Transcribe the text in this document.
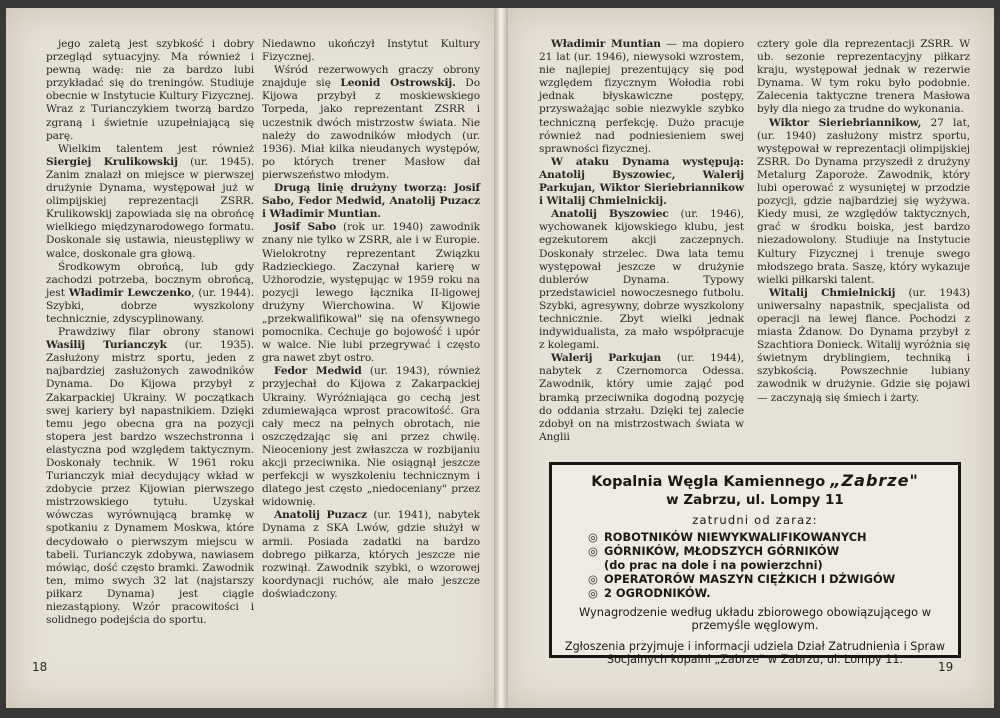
jego zaletą jest szybkość i dobry przegląd sytuacyjny. Ma również i pewną wadę: nie za bardzo lubi przykładać się do treningów. Studiuje obecnie w Instytucie Kultury Fizycznej. Wraz z Turianczykiem tworzą bardzo zgraną i świetnie uzupełniającą się parę.

Wielkim talentem jest również Siergiej Krulikowskij (ur. 1945). Zanim znalazł on miejsce w pierwszej drużynie Dynama, występował już w olimpijskiej reprezentacji ZSRR. Krulikowskij zapowiada się na obrońcę wielkiego międzynarodowego formatu. Doskonale się ustawia, nieustępliwy w walce, doskonale gra głową.

Środkowym obrońcą, lub gdy zachodzi potrzeba, bocznym obrońcą, jest Władimir Lewczenko, (ur. 1944). Szybki, dobrze wyszkolony technicznie, zdyscyplinowany.

Prawdziwy filar obrony stanowi Wasilij Turianczyk (ur. 1935). Zasłużony mistrz sportu, jeden z najbardziej zasłużonych zawodników Dynama. Do Kijowa przybył z Zakarpackiej Ukrainy. W początkach swej kariery był napastnikiem. Dzięki temu jego obecna gra na pozycji stopera jest bardzo wszechstronna i elastyczna pod względem taktycznym. Doskonały technik. W 1961 roku Turianczyk miał decydujący wkład w zdobycie przez Kijowian pierwszego mistrzowskiego tytułu. Uzyskał wówczas wyrównującą bramkę w spotkaniu z Dynamem Moskwa, które decydowało o pierwszym miejscu w tabeli. Turianczyk zdobywa, nawiasem mówiąc, dość często bramki. Zawodnik ten, mimo swych 32 lat (najstarszy piłkarz Dynama) jest ciągle niezastąpiony. Wzór pracowitości i solidnego podejścia do sportu.

Niedawno ukończył Instytut Kultury Fizycznej.

Wśród rezerwowych graczy obrony znajduje się Leonid Ostrowskij. Do Kijowa przybył z moskiewskiego Torpeda, jako reprezentant ZSRR i uczestnik dwóch mistrzostw świata. Nie należy do zawodników młodych (ur. 1936). Miał kilka nieudanych występów, po których trener Masłow dał pierwszeństwo młodym.

Drugą linię drużyny tworzą: Josif Sabo, Fedor Medwid, Anatolij Puzacz i Władimir Muntian.

Josif Sabo (rok ur. 1940) zawodnik znany nie tylko w ZSRR, ale i w Europie. Wielokrotny reprezentant Związku Radzieckiego. Zaczynał karierę w Użhorodzie, występując w 1959 roku na pozycji lewego łącznika II-ligowej drużyny Wierchowina. W Kijowie „przekwalifikował" się na ofensywnego pomocnika. Cechuje go bojowość i upór w walce. Nie lubi przegrywać i często gra nawet zbyt ostro.

Fedor Medwid (ur. 1943), również przyjechał do Kijowa z Zakarpackiej Ukrainy. Wyróżniająca go cechą jest zdumiewająca wprost pracowitość. Gra cały mecz na pełnych obrotach, nie oszczędzając się ani przez chwilę. Nieoceniony jest zwłaszcza w rozbijaniu akcji przeciwnika. Nie osiągnął jeszcze perfekcji w wyszkoleniu technicznym i dlatego jest często „niedoceniany" przez widownię.

Anatolij Puzacz (ur. 1941), nabytek Dynama z SKA Lwów, gdzie służył w armii. Posiada zadatki na bardzo dobrego piłkarza, których jeszcze nie rozwinął. Zawodnik szybki, o wzorowej koordynacji ruchów, ale mało jeszcze doświadczony.

Władimir Muntian — ma dopiero 21 lat (ur. 1946), niewysoki wzrostem, nie najlepiej prezentujący się pod względem fizycznym Wołodia robi jednak błyskawiczne postępy, przysważając sobie niezwykle szybko techniczną perfekcję. Dużo pracuje również nad podniesieniem swej sprawności fizycznej.

W ataku Dynama występują: Anatolij Byszowiec, Walerij Parkujan, Wiktor Sieriebriannikow i Witalij Chmielnickij.

Anatolij Byszowiec (ur. 1946), wychowanek kijowskiego klubu, jest egzekutorem akcji zaczepnych. Doskonały strzelec. Dwa lata temu występował jeszcze w drużynie dublerów Dynama. Typowy przedstawiciel nowoczesnego futbolu. Szybki, agresywny, dobrze wyszkolony technicznie. Zbyt wielki jednak indywidualista, za mało współpracuje z kolegami.

Walerij Parkujan (ur. 1944), nabytek z Czernomorca Odessa. Zawodnik, który umie zająć pod bramką przeciwnika dogodną pozycję do oddania strzału. Dzięki tej zalecie zdobył on na mistrzostwach świata w Anglii

cztery gole dla reprezentacji ZSRR. W ub. sezonie reprezentacyjny piłkarz kraju, występował jednak w rezerwie Dynama. W tym roku było podobnie. Zalecenia taktyczne trenera Masłowa były dla niego za trudne do wykonania.

Wiktor Sieriebriannikow, 27 lat, (ur. 1940) zasłużony mistrz sportu, występował w reprezentacji olimpijskiej ZSRR. Do Dynama przyszedł z drużyny Metalurg Zaporoże. Zawodnik, który lubi operować z wysuniętej w przodzie pozycji, gdzie najbardziej się wyżywa. Kiedy musi, ze względów taktycznych, grać w środku boiska, jest bardzo niezadowolony. Studiuje na Instytucie Kultury Fizycznej i trenuje swego młodszego brata. Saszę, który wykazuje wielki piłkarski talent.

Witalij Chmielnickij (ur. 1943) uniwersalny napastnik, specjalista od operacji na lewej flance. Pochodzi z miasta Żdanow. Do Dynama przybył z Szachtiora Donieck. Witalij wyróżnia się świetnym dryblingiem, techniką i szybkością. Powszechnie lubiany zawodnik w drużynie. Gdzie się pojawi — zaczynają się śmiech i żarty.

Kopalnia Węgla Kamiennego „Zabrze"
w Zabrzu, ul. Lompy 11
zatrudni od zaraz:
◎ ROBOTNIKÓW NIEWYKWALIFIKOWANYCH
◎ GÓRNIKÓW, MŁODSZYCH GÓRNIKÓW
(do prac na dole i na powierzchni)
◎ OPERATORÓW MASZYN CIĘŻKICH I DŹWIGÓW
◎ 2 OGRODNIKÓW.
Wynagrodzenie według układu zbiorowego obowiązującego w przemyśle węglowym.
Zgłoszenia przyjmuje i informacji udziela Dział Zatrudnienia i Spraw Socjalnych kopalni „Zabrze" w Zabrzu, ul. Lompy 11.
18	19
